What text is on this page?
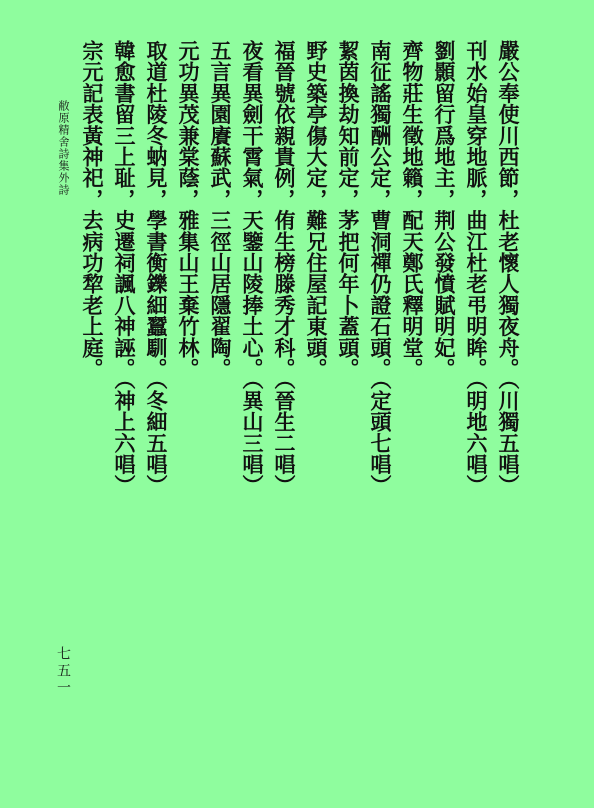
嚴公奉使川西節，杜老懷人獨夜舟。（川獨五唱）
刊水始皇穿地脈，曲江杜老弔明眸。（明地六唱）
劉顥留行爲地主，荆公發憤賦明妃。
齊物莊生徵地籟，配天鄭氏釋明堂。
南征謠獨酬公定，曹洞禪仍證石頭。（定頭七唱）
絜茵換劫知前定，茅把何年卜蓋頭。
野史築亭傷大定，難兄住屋記東頭。
福晉號依親貴例，侑生榜滕秀才科。（晉生二唱）
夜看異劍干霄氣，天鑒山陵捧土心。（異山三唱）
五言異園賡蘇武，三徑山居隱翟陶。
元功異茂兼棠蔭，雅集山王棄竹林。
取道杜陵冬蚋見，學書衡鑠細蠶馴。（冬細五唱）
韓愈書留三上耻，史遷祠諷八神誣。（神上六唱）
宗元記表黃神祀，去病功犂老上庭。
敝原精舍詩集外詩
七五一
